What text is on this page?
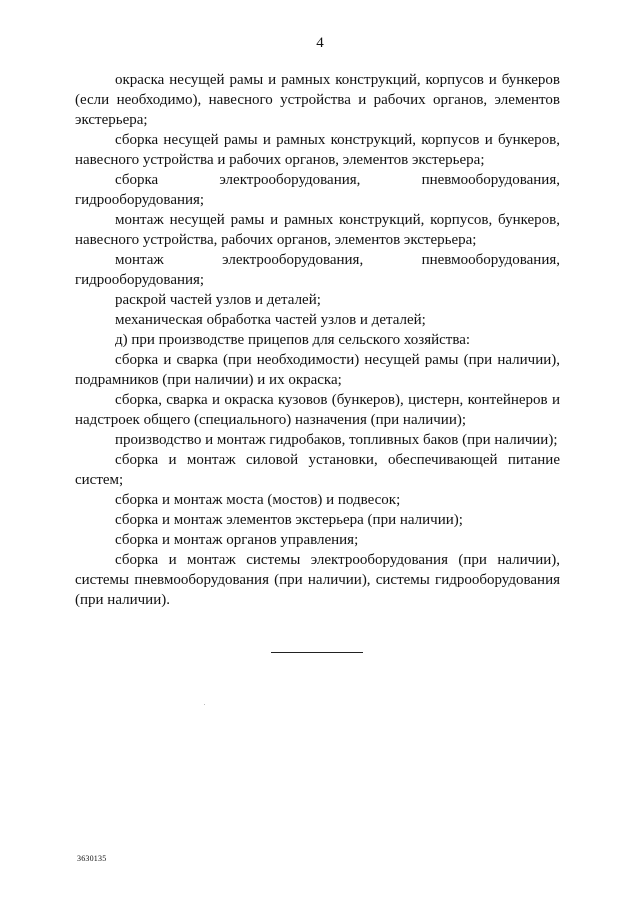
4

окраска несущей рамы и рамных конструкций, корпусов и бункеров (если необходимо), навесного устройства и рабочих органов, элементов экстерьера;

сборка несущей рамы и рамных конструкций, корпусов и бункеров, навесного устройства и рабочих органов, элементов экстерьера;

сборка электрооборудования, пневмооборудования, гидрооборудования;

монтаж несущей рамы и рамных конструкций, корпусов, бункеров, навесного устройства, рабочих органов, элементов экстерьера;

монтаж электрооборудования, пневмооборудования, гидрооборудования;

раскрой частей узлов и деталей;

механическая обработка частей узлов и деталей;

д) при производстве прицепов для сельского хозяйства:

сборка и сварка (при необходимости) несущей рамы (при наличии), подрамников (при наличии) и их окраска;

сборка, сварка и окраска кузовов (бункеров), цистерн, контейнеров и надстроек общего (специального) назначения (при наличии);

производство и монтаж гидробаков, топливных баков (при наличии);

сборка и монтаж силовой установки, обеспечивающей питание систем;

сборка и монтаж моста (мостов) и подвесок;

сборка и монтаж элементов экстерьера (при наличии);

сборка и монтаж органов управления;

сборка и монтаж системы электрооборудования (при наличии), системы пневмооборудования (при наличии), системы гидрооборудования (при наличии).

3630135
